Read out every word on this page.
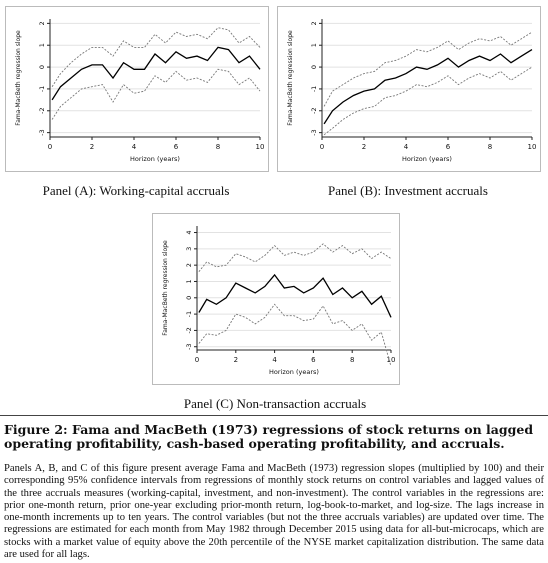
0	2	4	6	8	10
-3
-2
-1
0
1
2
Horizon (years)
Fama-MacBeth regression slope
Panel (A): Working-capital accruals
0	2	4	6	8	10
-3
-2
-1
0
1
2
Horizon (years)
Fama-MacBeth regression slope
Panel (B): Investment accruals
0	2	4	6	8	10
-3
-2
-1
0
1
2
3
4
Horizon (years)
Fama-MacBeth regression slope
Panel (C) Non-transaction accruals
Figure 2: Fama and MacBeth (1973) regressions of stock returns on lagged operating profitability, cash-based operating profitability, and accruals.
Panels A, B, and C of this figure present average Fama and MacBeth (1973) regression slopes (multiplied by 100) and their corresponding 95% confidence intervals from regressions of monthly stock returns on control variables and lagged values of the three accruals measures (working-capital, investment, and non-investment). The control variables in the regressions are: prior one-month return, prior one-year excluding prior-month return, log-book-to-market, and log-size. The lags increase in one-month increments up to ten years. The control variables (but not the three accruals variables) are updated over time. The regressions are estimated for each month from May 1982 through December 2015 using data for all-but-microcaps, which are stocks with a market value of equity above the 20th percentile of the NYSE market capitalization distribution. The same data are used for all lags.
